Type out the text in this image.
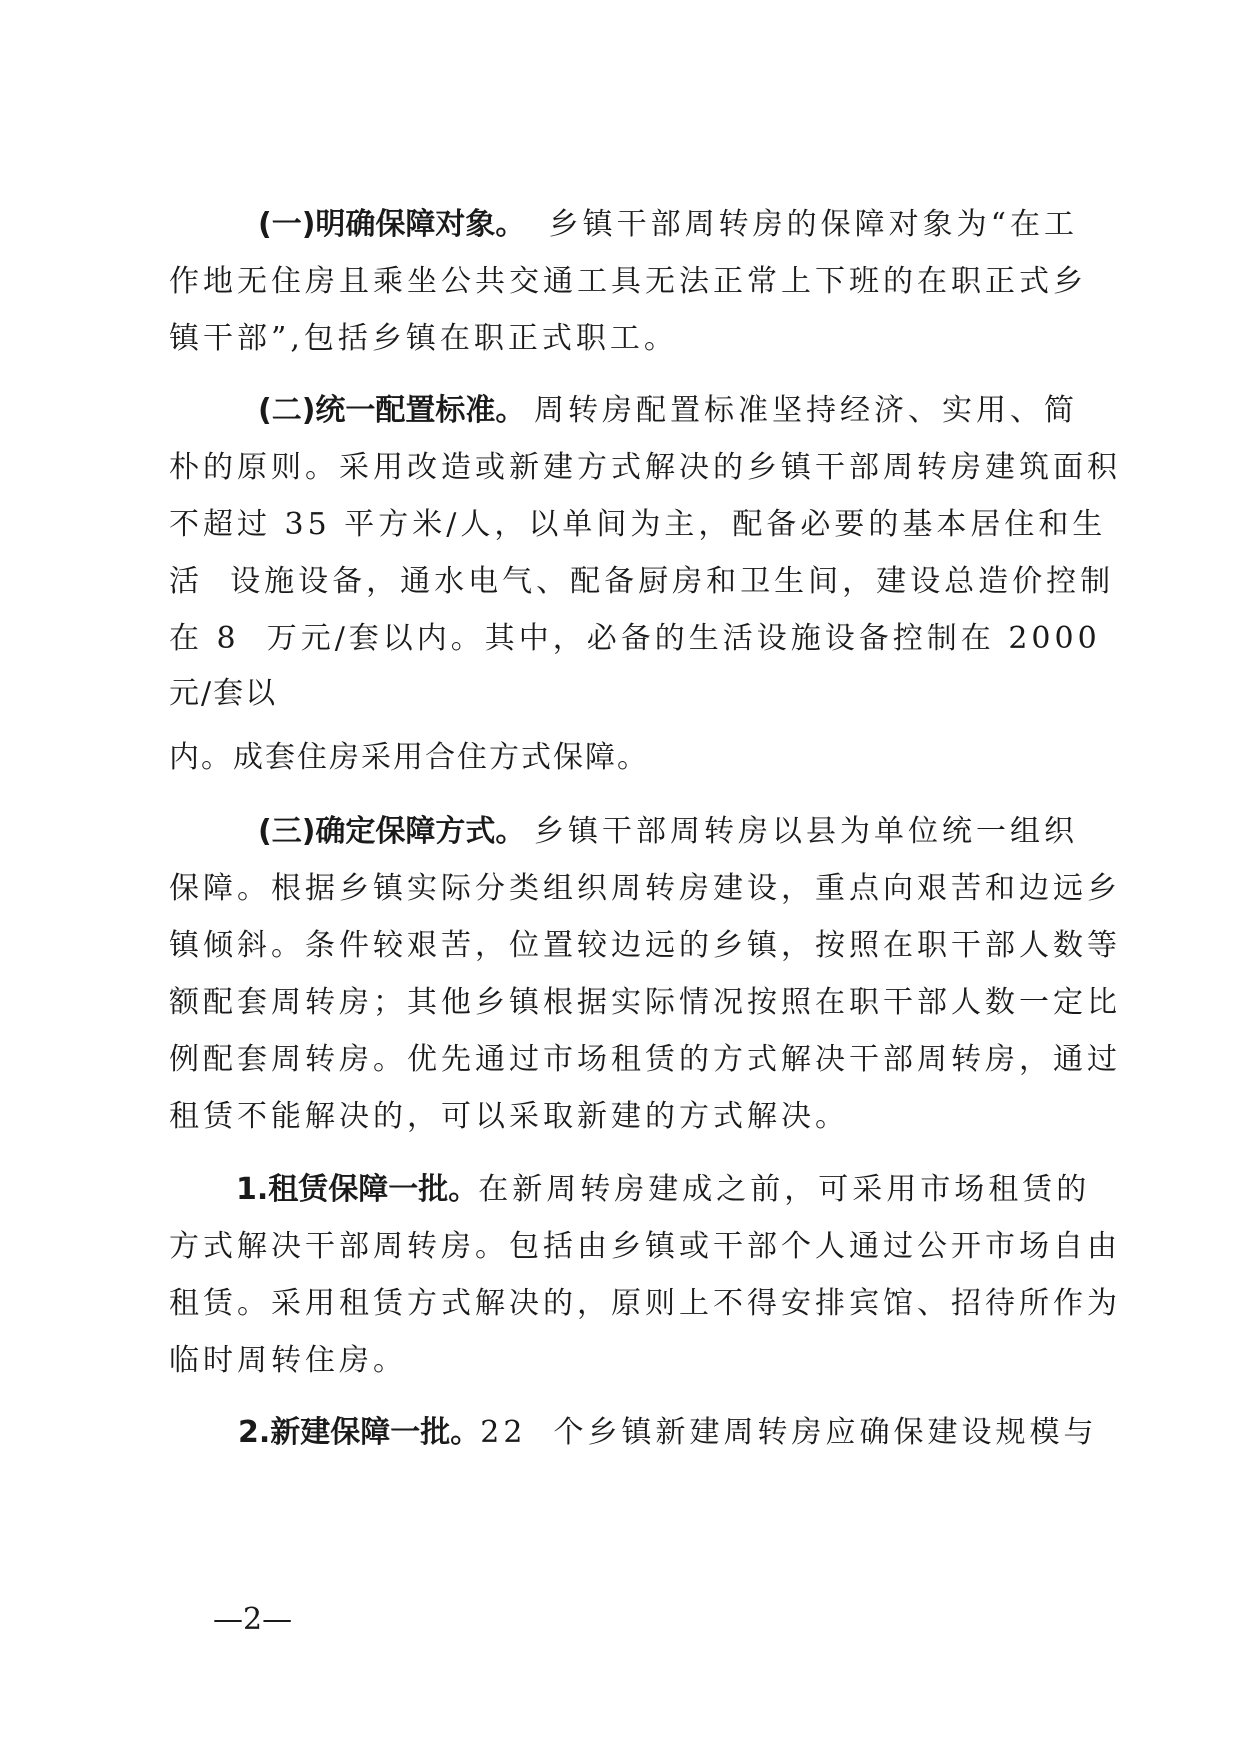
(一)明确保障对象。 乡镇干部周转房的保障对象为“在工
作地无住房且乘坐公共交通工具无法正常上下班的在职正式乡
镇干部”,包括乡镇在职正式职工。
(二)统一配置标准。 周转房配置标准坚持经济、实用、简
朴的原则。采用改造或新建方式解决的乡镇干部周转房建筑面积
不超过 35 平方米/人，以单间为主，配备必要的基本居住和生
活  设施设备，通水电气、配备厨房和卫生间，建设总造价控制
在 8  万元/套以内。其中，必备的生活设施设备控制在 2000
元/套以
内。成套住房采用合住方式保障。
(三)确定保障方式。 乡镇干部周转房以县为单位统一组织
保障。根据乡镇实际分类组织周转房建设，重点向艰苦和边远乡
镇倾斜。条件较艰苦，位置较边远的乡镇，按照在职干部人数等
额配套周转房；其他乡镇根据实际情况按照在职干部人数一定比
例配套周转房。优先通过市场租赁的方式解决干部周转房，通过
租赁不能解决的，可以采取新建的方式解决。
1.租赁保障一批。 在新周转房建成之前，可采用市场租赁的
方式解决干部周转房。包括由乡镇或干部个人通过公开市场自由
租赁。采用租赁方式解决的，原则上不得安排宾馆、招待所作为
临时周转住房。
2.新建保障一批。 22  个乡镇新建周转房应确保建设规模与
—2—
